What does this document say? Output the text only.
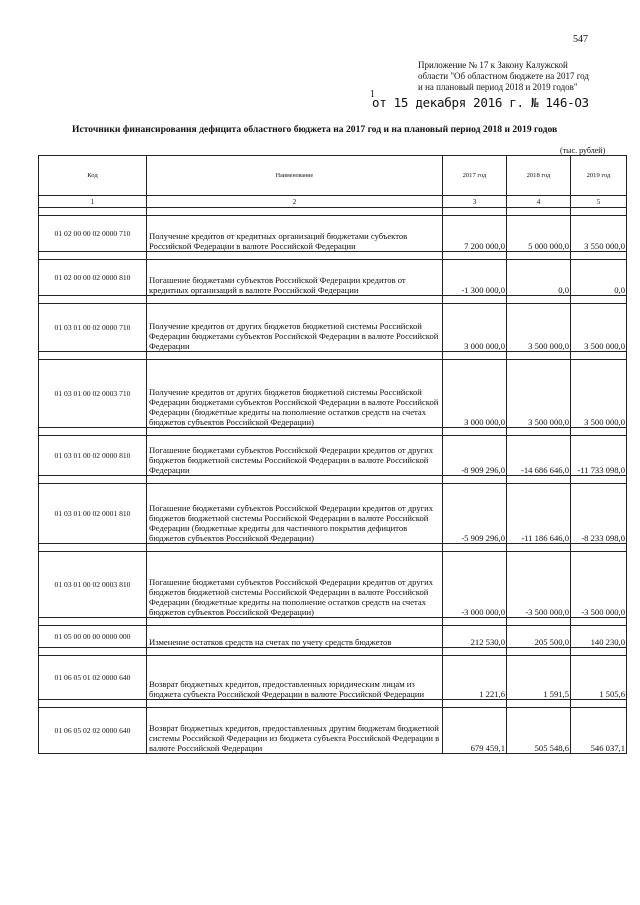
547
Приложение № 17 к Закону Калужской
области "Об областном бюджете на 2017 год
и на плановый период 2018 и 2019 годов"
1
от 15 декабря 2016 г. № 146-ОЗ
Источники финансирования дефицита областного бюджета на 2017 год и на плановый период 2018 и 2019 годов
(тыс. рублей)
Код	Наименование	2017 год	2018 год	2019 год
1	2	3	4	5

01 02 00 00 02 0000 710	Получение кредитов от кредитных организаций бюджетами субъектов Российской Федерации в валюте Российской Федерации	7 200 000,0	5 000 000,0	3 550 000,0

01 02 00 00 02 0000 810	Погашение бюджетами субъектов Российской Федерации кредитов от кредитных организаций в валюте Российской Федерации	-1 300 000,0	0,0	0,0

01 03 01 00 02 0000 710	Получение кредитов от других бюджетов бюджетной системы Российской Федерации бюджетами субъектов Российской Федерации в валюте Российской Федерации	3 000 000,0	3 500 000,0	3 500 000,0

01 03 01 00 02 0003 710	Получение кредитов от других бюджетов бюджетной системы Российской Федерации бюджетами субъектов Российской Федерации в валюте Российской Федерации (бюджетные кредиты на пополнение остатков средств на счетах бюджетов субъектов Российской Федерации)	3 000 000,0	3 500 000,0	3 500 000,0

01 03 01 00 02 0000 810	Погашение бюджетами субъектов Российской Федерации кредитов от других бюджетов бюджетной системы Российской Федерации в валюте Российской Федерации	-8 909 296,0	-14 686 646,0	-11 733 098,0

01 03 01 00 02 0001 810	Погашение бюджетами субъектов Российской Федерации кредитов от других бюджетов бюджетной системы Российской Федерации в валюте Российской Федерации (бюджетные кредиты для частичного покрытия дефицитов бюджетов субъектов Российской Федерации)	-5 909 296,0	-11 186 646,0	-8 233 098,0

01 03 01 00 02 0003 810	Погашение бюджетами субъектов Российской Федерации кредитов от других бюджетов бюджетной системы Российской Федерации в валюте Российской Федерации (бюджетные кредиты на пополнение остатков средств на счетах бюджетов субъектов Российской Федерации)	-3 000 000,0	-3 500 000,0	-3 500 000,0

01 05 00 00 00 0000 000	Изменение остатков средств на счетах по учету средств бюджетов	212 530,0	205 500,0	140 230,0

01 06 05 01 02 0000 640	Возврат бюджетных кредитов, предоставленных юридическим лицам из бюджета субъекта Российской Федерации в валюте Российской Федерации	1 221,6	1 591,5	1 505,6

01 06 05 02 02 0000 640	Возврат бюджетных кредитов, предоставленных другим бюджетам бюджетной системы Российской Федерации из бюджета субъекта Российской Федерации в валюте Российской Федерации	679 459,1	505 548,6	546 037,1
